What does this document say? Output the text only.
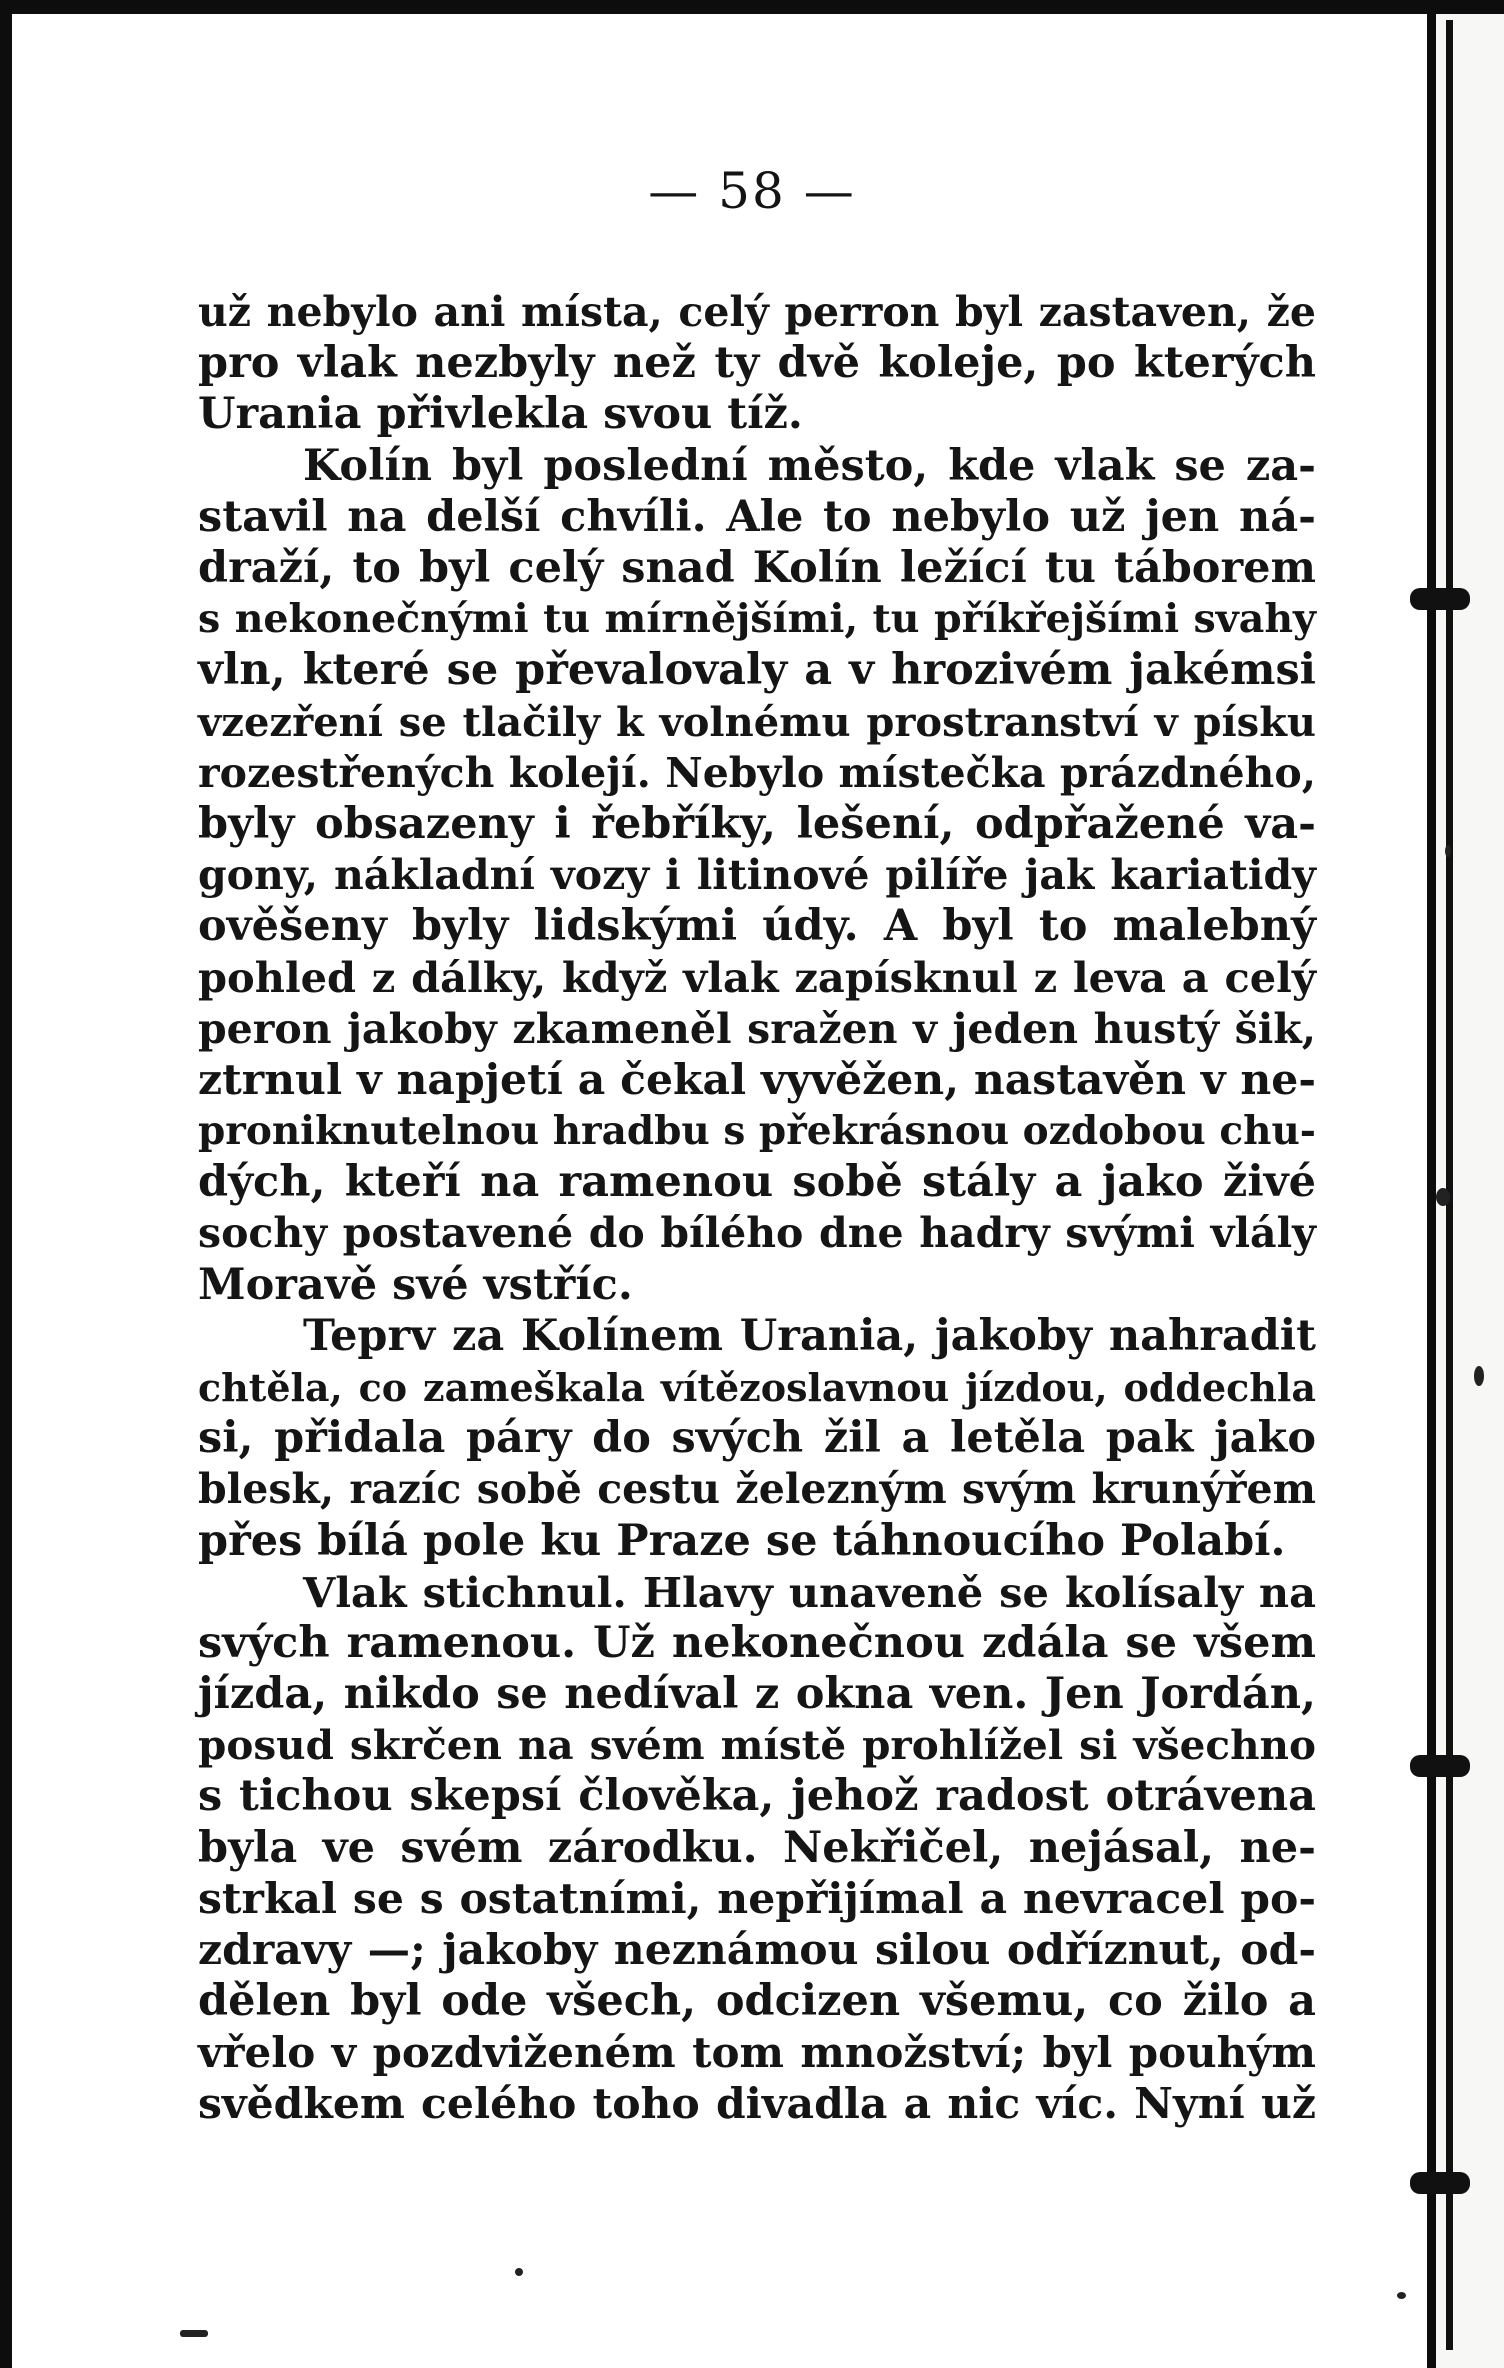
— 58 —
už nebylo ani místa, celý perron byl zastaven, že
pro vlak nezbyly než ty dvě koleje, po kterých
Urania přivlekla svou tíž.
Kolín byl poslední město, kde vlak se za-
stavil na delší chvíli. Ale to nebylo už jen ná-
draží, to byl celý snad Kolín ležící tu táborem
s nekonečnými tu mírnějšími, tu příkřejšími svahy
vln, které se převalovaly a v hrozivém jakémsi
vzezření se tlačily k volnému prostranství v písku
rozestřených kolejí. Nebylo místečka prázdného,
byly obsazeny i řebříky, lešení, odpřažené va-
gony, nákladní vozy i litinové pilíře jak kariatidy
ověšeny byly lidskými údy. A byl to malebný
pohled z dálky, když vlak zapísknul z leva a celý
peron jakoby zkameněl sražen v jeden hustý šik,
ztrnul v napjetí a čekal vyvěžen, nastavěn v ne-
proniknutelnou hradbu s překrásnou ozdobou chu-
dých, kteří na ramenou sobě stály a jako živé
sochy postavené do bílého dne hadry svými vlály
Moravě své vstříc.
Teprv za Kolínem Urania, jakoby nahradit
chtěla, co zameškala vítězoslavnou jízdou, oddechla
si, přidala páry do svých žil a letěla pak jako
blesk, razíc sobě cestu železným svým krunýřem
přes bílá pole ku Praze se táhnoucího Polabí.
Vlak stichnul. Hlavy unaveně se kolísaly na
svých ramenou. Už nekonečnou zdála se všem
jízda, nikdo se nedíval z okna ven. Jen Jordán,
posud skrčen na svém místě prohlížel si všechno
s tichou skepsí člověka, jehož radost otrávena
byla ve svém zárodku. Nekřičel, nejásal, ne-
strkal se s ostatními, nepřijímal a nevracel po-
zdravy —; jakoby neznámou silou odříznut, od-
dělen byl ode všech, odcizen všemu, co žilo a
vřelo v pozdviženém tom množství; byl pouhým
svědkem celého toho divadla a nic víc. Nyní už
